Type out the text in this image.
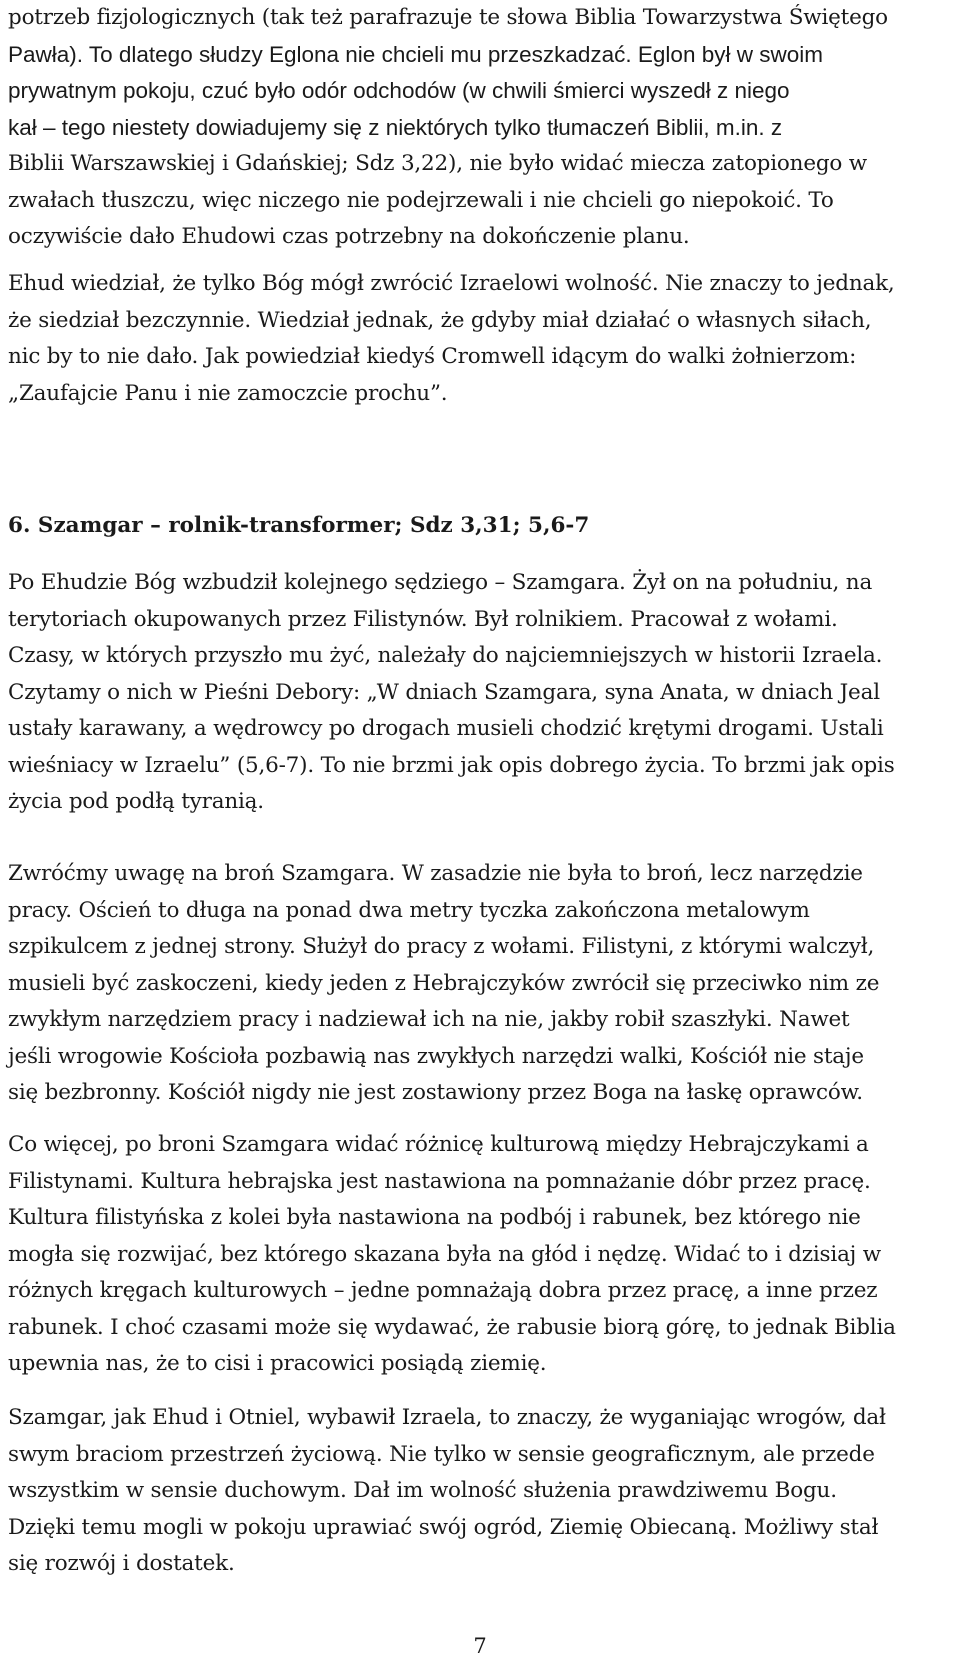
potrzeb fizjologicznych (tak też parafrazuje te słowa Biblia Towarzystwa Świętego
Pawła). To dlatego słudzy Eglona nie chcieli mu przeszkadzać. Eglon był w swoim
prywatnym pokoju, czuć było odór odchodów (w chwili śmierci wyszedł z niego
kał – tego niestety dowiadujemy się z niektórych tylko tłumaczeń Biblii, m.in. z
Biblii Warszawskiej i Gdańskiej; Sdz 3,22), nie było widać miecza zatopionego w
zwałach tłuszczu, więc niczego nie podejrzewali i nie chcieli go niepokoić. To
oczywiście dało Ehudowi czas potrzebny na dokończenie planu.
Ehud wiedział, że tylko Bóg mógł zwrócić Izraelowi wolność. Nie znaczy to jednak,
że siedział bezczynnie. Wiedział jednak, że gdyby miał działać o własnych siłach,
nic by to nie dało. Jak powiedział kiedyś Cromwell idącym do walki żołnierzom:
„Zaufajcie Panu i nie zamoczcie prochu”.
6. Szamgar – rolnik-transformer; Sdz 3,31; 5,6-7
Po Ehudzie Bóg wzbudził kolejnego sędziego – Szamgara. Żył on na południu, na
terytoriach okupowanych przez Filistynów. Był rolnikiem. Pracował z wołami.
Czasy, w których przyszło mu żyć, należały do najciemniejszych w historii Izraela.
Czytamy o nich w Pieśni Debory: „W dniach Szamgara, syna Anata, w dniach Jeal
ustały karawany, a wędrowcy po drogach musieli chodzić krętymi drogami. Ustali
wieśniacy w Izraelu” (5,6-7). To nie brzmi jak opis dobrego życia. To brzmi jak opis
życia pod podłą tyranią.
Zwróćmy uwagę na broń Szamgara. W zasadzie nie była to broń, lecz narzędzie
pracy. Oścień to długa na ponad dwa metry tyczka zakończona metalowym
szpikulcem z jednej strony. Służył do pracy z wołami. Filistyni, z którymi walczył,
musieli być zaskoczeni, kiedy jeden z Hebrajczyków zwrócił się przeciwko nim ze
zwykłym narzędziem pracy i nadziewał ich na nie, jakby robił szaszłyki. Nawet
jeśli wrogowie Kościoła pozbawią nas zwykłych narzędzi walki, Kościół nie staje
się bezbronny. Kościół nigdy nie jest zostawiony przez Boga na łaskę oprawców.
Co więcej, po broni Szamgara widać różnicę kulturową między Hebrajczykami a
Filistynami. Kultura hebrajska jest nastawiona na pomnażanie dóbr przez pracę.
Kultura filistyńska z kolei była nastawiona na podbój i rabunek, bez którego nie
mogła się rozwijać, bez którego skazana była na głód i nędzę. Widać to i dzisiaj w
różnych kręgach kulturowych – jedne pomnażają dobra przez pracę, a inne przez
rabunek. I choć czasami może się wydawać, że rabusie biorą górę, to jednak Biblia
upewnia nas, że to cisi i pracowici posiądą ziemię.
Szamgar, jak Ehud i Otniel, wybawił Izraela, to znaczy, że wyganiając wrogów, dał
swym braciom przestrzeń życiową. Nie tylko w sensie geograficznym, ale przede
wszystkim w sensie duchowym. Dał im wolność służenia prawdziwemu Bogu.
Dzięki temu mogli w pokoju uprawiać swój ogród, Ziemię Obiecaną. Możliwy stał
się rozwój i dostatek.
7
